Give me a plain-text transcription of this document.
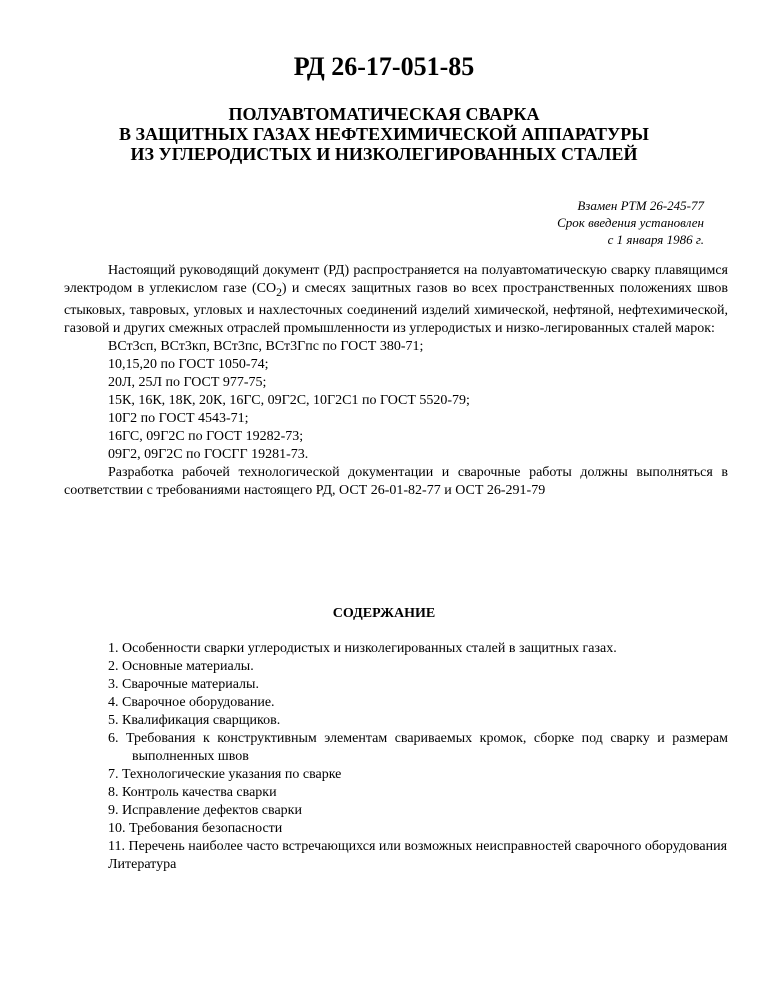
РД 26-17-051-85
ПОЛУАВТОМАТИЧЕСКАЯ СВАРКА
В ЗАЩИТНЫХ ГАЗАХ НЕФТЕХИМИЧЕСКОЙ АППАРАТУРЫ
ИЗ УГЛЕРОДИСТЫХ И НИЗКОЛЕГИРОВАННЫХ СТАЛЕЙ
Взамен РТМ 26-245-77
Срок введения установлен
с 1 января 1986 г.

Настоящий руководящий документ (РД) распространяется на полуавтоматическую сварку плавящимся электродом в углекислом газе $(CO_2)$ и смесях защитных газов во всех пространственных положениях швов стыковых, тавровых, угловых и нахлесточных соединений изделий химической, нефтяной, нефтехимической, газовой и других смежных отраслей промышленности из углеродистых и низко-легированных сталей марок:

ВСт3сп, ВСт3кп, ВСт3пс, ВСт3Гпс по ГОСТ 380-71;
10,15,20 по ГОСТ 1050-74;
20Л, 25Л по ГОСТ 977-75;
15К, 16К, 18К, 20К, 16ГС, 09Г2С, 10Г2С1 по ГОСТ 5520-79;
10Г2 по ГОСТ 4543-71;
16ГС, 09Г2С по ГОСТ 19282-73;
09Г2, 09Г2С по ГОСГГ 19281-73.

Разработка рабочей технологической документации и сварочные работы должны выполняться в соответствии с требованиями настоящего РД, ОСТ 26-01-82-77 и ОСТ 26-291-79

СОДЕРЖАНИЕ
1. Особенности сварки углеродистых и низколегированных сталей в защитных газах.
2. Основные материалы.
3. Сварочные материалы.
4. Сварочное оборудование.
5. Квалификация сварщиков.
6. Требования к конструктивным элементам свариваемых кромок, сборке под сварку и размерам выполненных швов
7. Технологические указания по сварке
8. Контроль качества сварки
9. Исправление дефектов сварки
10. Требования безопасности
11. Перечень наиболее часто встречающихся или возможных неисправностей сварочного оборудования
Литература
